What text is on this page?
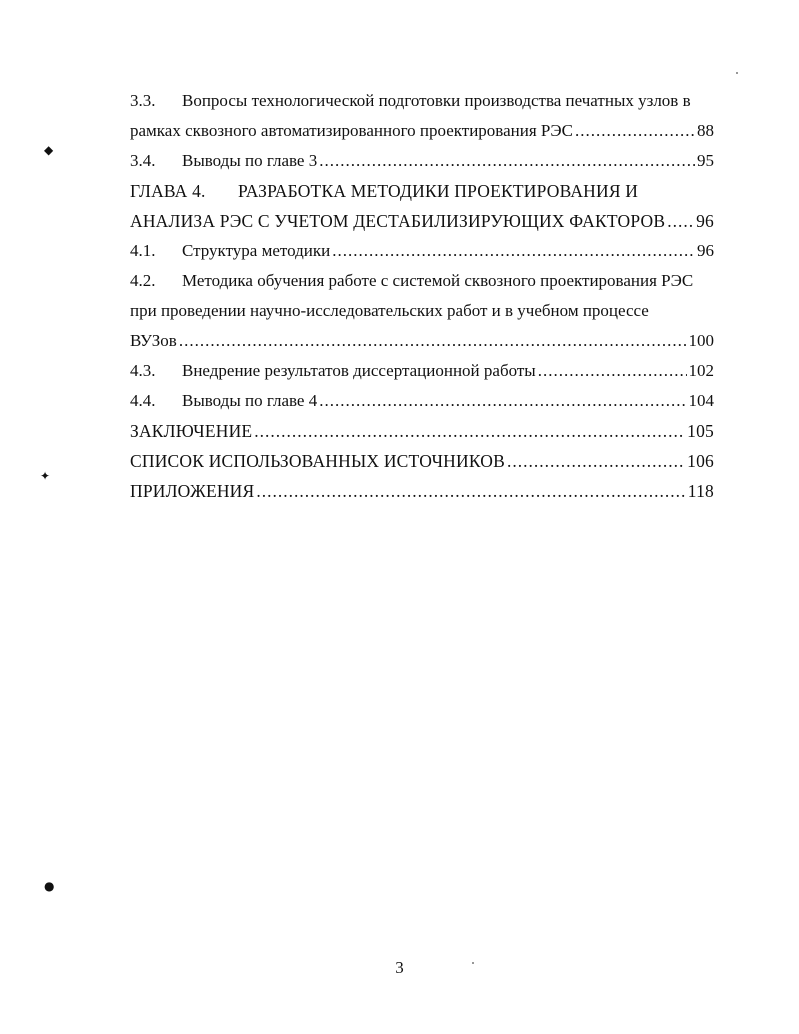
◆
✦
●
3.3. Вопросы технологической подготовки производства печатных узлов в
рамках сквозного автоматизированного проектирования РЭС .....	88
3.4.	Выводы по главе 3 .....	95
ГЛАВА 4. РАЗРАБОТКА МЕТОДИКИ ПРОЕКТИРОВАНИЯ И
АНАЛИЗА РЭС С УЧЕТОМ ДЕСТАБИЛИЗИРУЮЩИХ ФАКТОРОВ ..... 96
4.1.	Структура методики .....	96
4.2. Методика обучения работе с системой сквозного проектирования РЭС
при проведении научно-исследовательских работ и в учебном процессе
ВУЗов .....	100
4.3.	Внедрение результатов диссертационной работы .....	102
4.4.	Выводы по главе 4 .....	104
ЗАКЛЮЧЕНИЕ .....	105
СПИСОК ИСПОЛЬЗОВАННЫХ ИСТОЧНИКОВ .....	106
ПРИЛОЖЕНИЯ .....	118
3
